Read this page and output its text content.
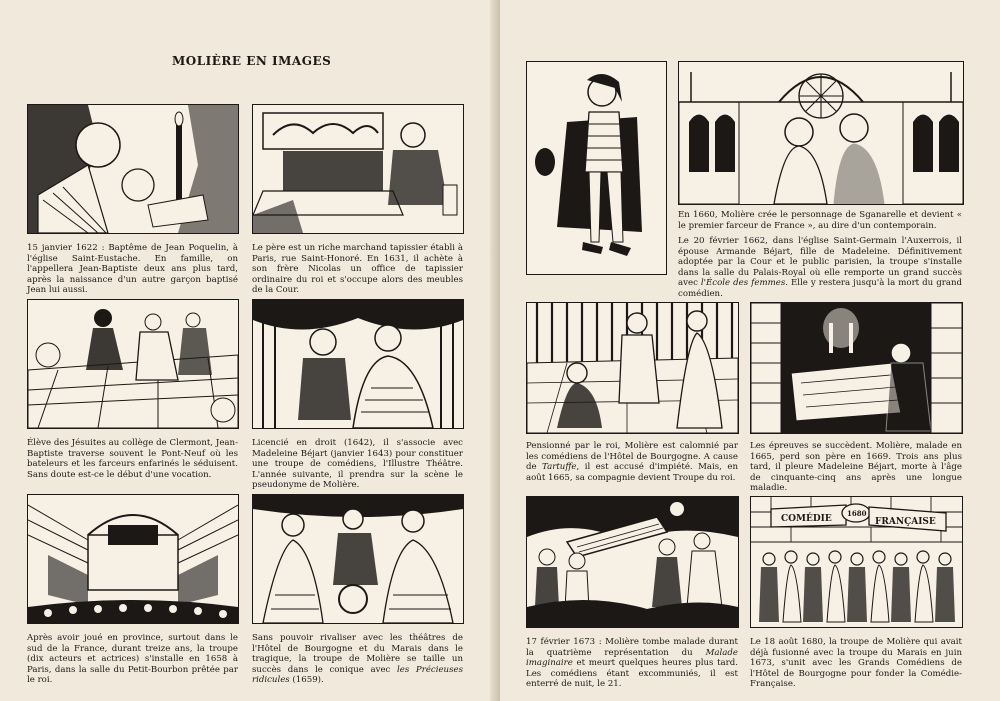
MOLIÈRE EN IMAGES
15 janvier 1622 : Baptême de Jean Poquelin, à l'église Saint-Eustache. En famille, on l'appellera Jean-Baptiste deux ans plus tard, après la naissance d'un autre garçon baptisé Jean lui aussi.
Le père est un riche marchand tapissier établi à Paris, rue Saint-Honoré. En 1631, il achète à son frère Nicolas un office de tapissier ordinaire du roi et s'occupe alors des meubles de la Cour.
Élève des Jésuites au collège de Clermont, Jean-Baptiste traverse souvent le Pont-Neuf où les bateleurs et les farceurs enfarinés le séduisent. Sans doute est-ce le début d'une vocation.
Licencié en droit (1642), il s'associe avec Madeleine Béjart (janvier 1643) pour constituer une troupe de comédiens, l'Illustre Théâtre. L'année suivante, il prendra sur la scène le pseudonyme de Molière.
Après avoir joué en province, surtout dans le sud de la France, durant treize ans, la troupe (dix acteurs et actrices) s'installe en 1658 à Paris, dans la salle du Petit-Bourbon prêtée par le roi.
Sans pouvoir rivaliser avec les théâtres de l'Hôtel de Bourgogne et du Marais dans le tragique, la troupe de Molière se taille un succès dans le conique avec les Précieuses ridicules (1659).
En 1660, Molière crée le personnage de Sganarelle et devient « le premier farceur de France », au dire d'un contemporain.
Le 20 février 1662, dans l'église Saint-Germain l'Auxerrois, il épouse Armande Béjart, fille de Madeleine. Définitivement adoptée par la Cour et le public parisien, la troupe s'installe dans la salle du Palais-Royal où elle remporte un grand succès avec l'École des femmes. Elle y restera jusqu'à la mort du grand comédien.
Pensionné par le roi, Molière est calomnié par les comédiens de l'Hôtel de Bourgogne. A cause de Tartuffe, il est accusé d'impiété. Mais, en août 1665, sa compagnie devient Troupe du roi.
Les épreuves se succèdent. Molière, malade en 1665, perd son père en 1669. Trois ans plus tard, il pleure Madeleine Béjart, morte à l'âge de cinquante-cinq ans après une longue maladie.
COMÉDIE
1680
FRANÇAISE
17 février 1673 : Molière tombe malade durant la quatrième représentation du Malade imaginaire et meurt quelques heures plus tard. Les comédiens étant excommuniés, il est enterré de nuit, le 21.
Le 18 août 1680, la troupe de Molière qui avait déjà fusionné avec la troupe du Marais en juin 1673, s'unit avec les Grands Comédiens de l'Hôtel de Bourgogne pour fonder la Comédie-Française.
